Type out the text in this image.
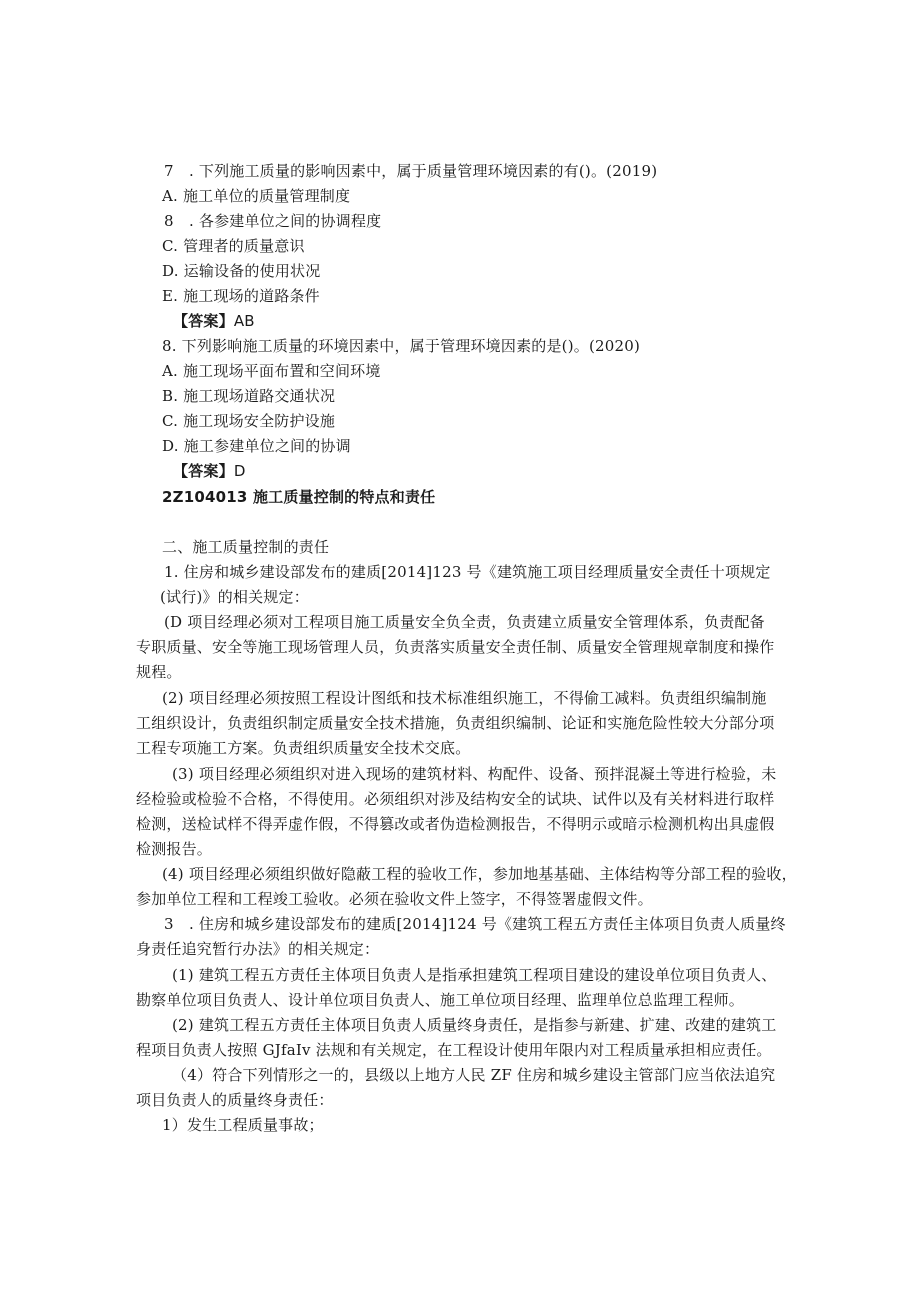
7　. 下列施工质量的影响因素中，属于质量管理环境因素的有()。(2019)
A. 施工单位的质量管理制度
8　. 各参建单位之间的协调程度
C. 管理者的质量意识
D. 运输设备的使用状况
E. 施工现场的道路条件
【答案】AB
8. 下列影响施工质量的环境因素中，属于管理环境因素的是()。(2020)
A. 施工现场平面布置和空间环境
B. 施工现场道路交通状况
C. 施工现场安全防护设施
D. 施工参建单位之间的协调
【答案】D
2Z104013 施工质量控制的特点和责任
二、施工质量控制的责任
1. 住房和城乡建设部发布的建质[2014]123 号《建筑施工项目经理质量安全责任十项规定
(试行)》的相关规定：
(D 项目经理必须对工程项目施工质量安全负全责，负责建立质量安全管理体系，负责配备
专职质量、安全等施工现场管理人员，负责落实质量安全责任制、质量安全管理规章制度和操作
规程。
(2) 项目经理必须按照工程设计图纸和技术标准组织施工，不得偷工减料。负责组织编制施
工组织设计，负责组织制定质量安全技术措施，负责组织编制、论证和实施危险性较大分部分项
工程专项施工方案。负责组织质量安全技术交底。
(3) 项目经理必须组织对进入现场的建筑材料、构配件、设备、预拌混凝土等进行检验，未
经检验或检验不合格，不得使用。必须组织对涉及结构安全的试块、试件以及有关材料进行取样
检测，送检试样不得弄虚作假，不得篡改或者伪造检测报告，不得明示或暗示检测机构出具虚假
检测报告。
(4) 项目经理必须组织做好隐蔽工程的验收工作，参加地基基础、主体结构等分部工程的验收，
参加单位工程和工程竣工验收。必须在验收文件上签字，不得签署虚假文件。
3　. 住房和城乡建设部发布的建质[2014]124 号《建筑工程五方责任主体项目负责人质量终
身责任追究暂行办法》的相关规定：
(1) 建筑工程五方责任主体项目负责人是指承担建筑工程项目建设的建设单位项目负责人、
勘察单位项目负责人、设计单位项目负责人、施工单位项目经理、监理单位总监理工程师。
(2) 建筑工程五方责任主体项目负责人质量终身责任，是指参与新建、扩建、改建的建筑工
程项目负责人按照 GJfaIv 法规和有关规定，在工程设计使用年限内对工程质量承担相应责任。
（4）符合下列情形之一的，县级以上地方人民 ZF 住房和城乡建设主管部门应当依法追究
项目负责人的质量终身责任：
1）发生工程质量事故；
